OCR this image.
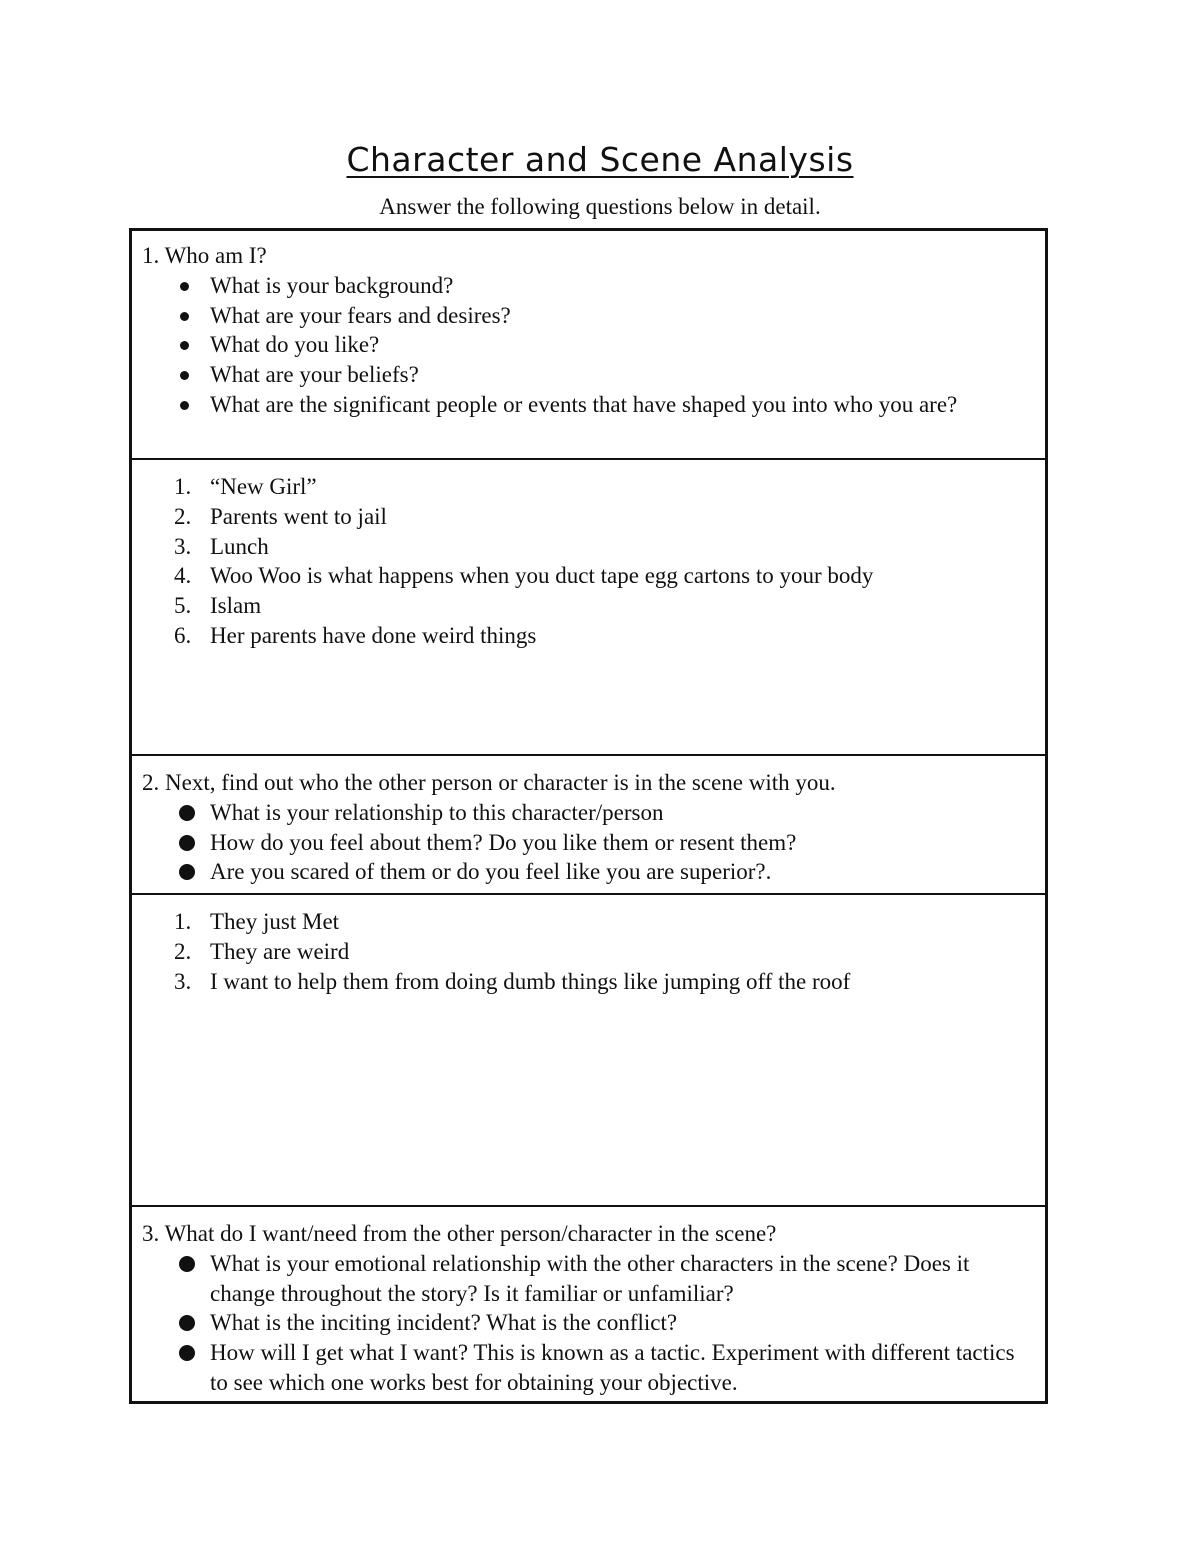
Character and Scene Analysis

Answer the following questions below in detail.

1. Who am I?

What is your background?
What are your fears and desires?
What do you like?
What are your beliefs?
What are the significant people or events that have shaped you into who you are?
1. “New Girl”
2. Parents went to jail
3. Lunch
4. Woo Woo is what happens when you duct tape egg cartons to your body
5. Islam
6. Her parents have done weird things

2. Next, find out who the other person or character is in the scene with you.

What is your relationship to this character/person
How do you feel about them? Do you like them or resent them?
Are you scared of them or do you feel like you are superior?.
1. They just Met
2. They are weird
3. I want to help them from doing dumb things like jumping off the roof

3. What do I want/need from the other person/character in the scene?

What is your emotional relationship with the other characters in the scene? Does it change throughout the story? Is it familiar or unfamiliar?
What is the inciting incident? What is the conflict?
How will I get what I want? This is known as a tactic. Experiment with different tactics to see which one works best for obtaining your objective.
